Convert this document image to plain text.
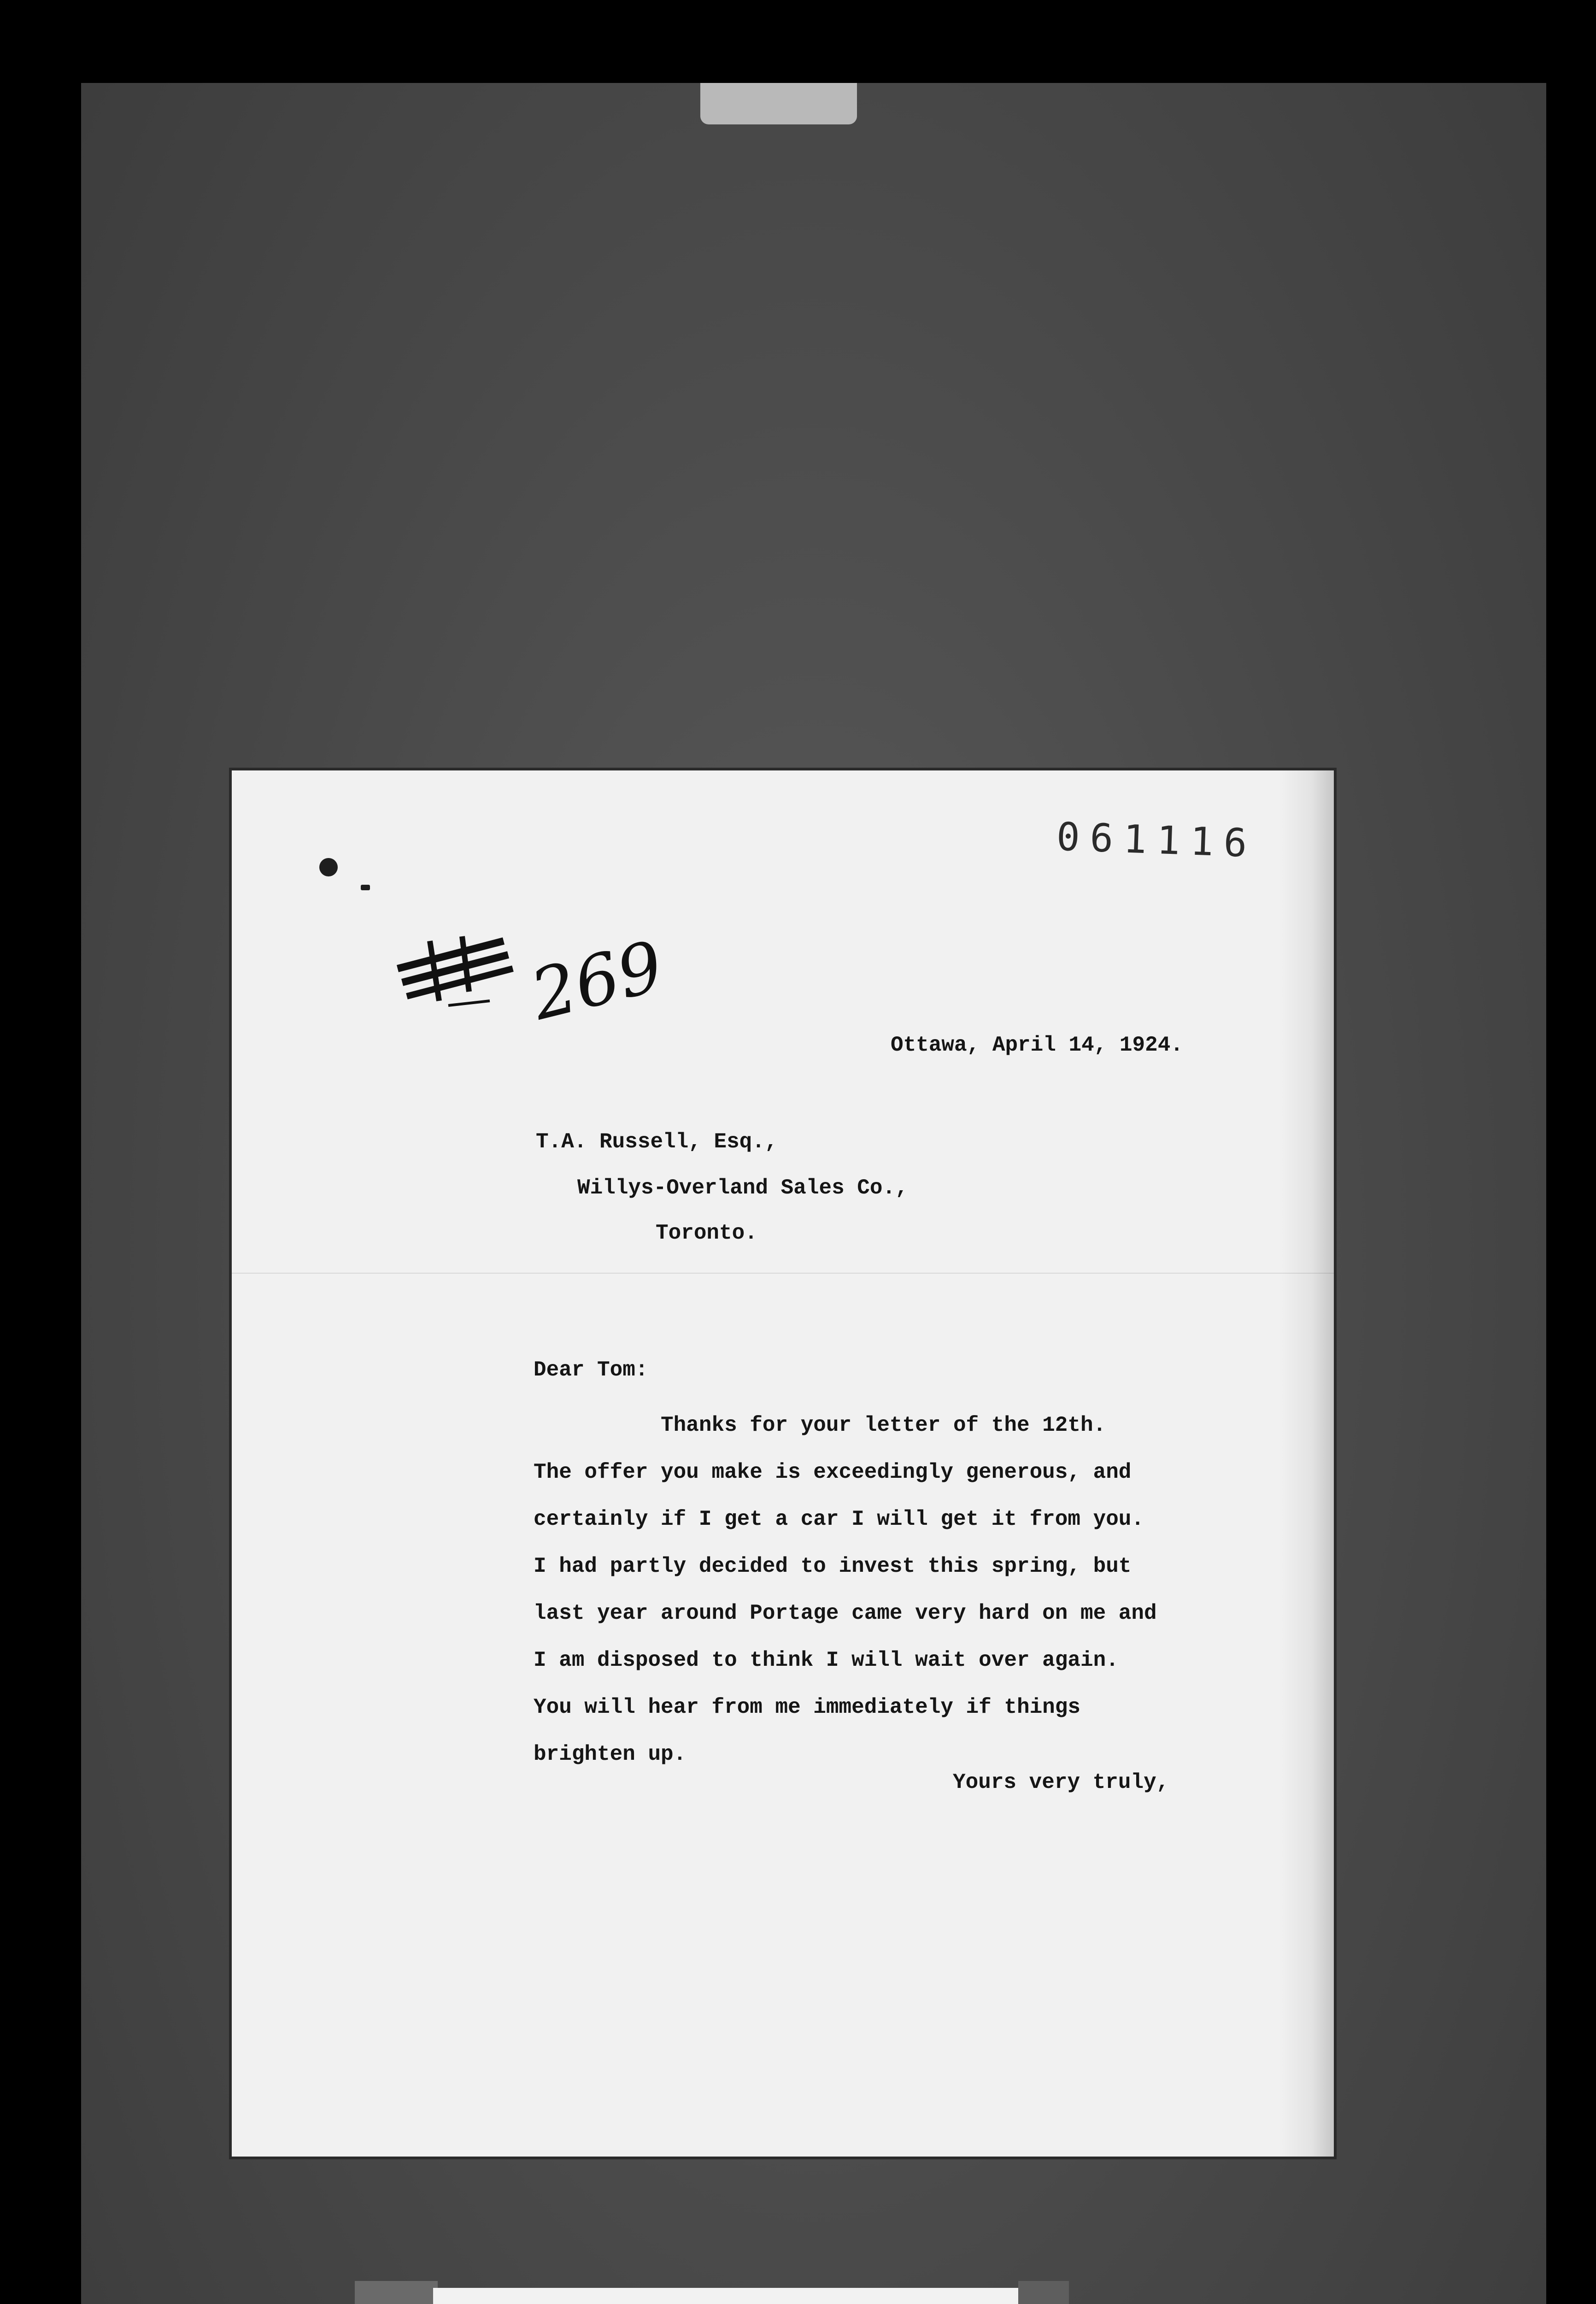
061116
269
Ottawa, April 14, 1924.
T.A. Russell, Esq.,
Willys-Overland Sales Co.,
Toronto.
Dear Tom:
Thanks for your letter of the 12th.
The offer you make is exceedingly generous, and
certainly if I get a car I will get it from you.
I had partly decided to invest this spring, but
last year around Portage came very hard on me and
I am disposed to think I will wait over again.
You will hear from me immediately if things
brighten up.
Yours very truly,
